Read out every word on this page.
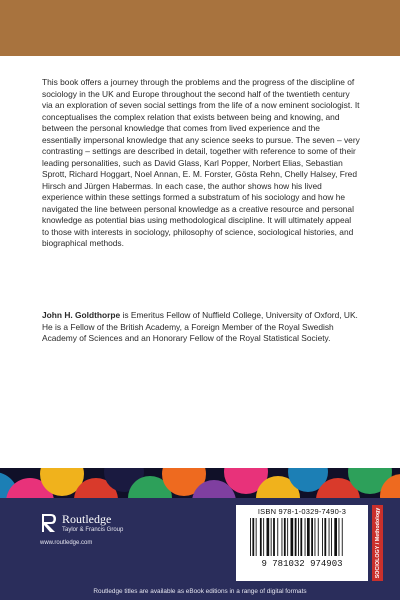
This book offers a journey through the problems and the progress of the discipline of sociology in the UK and Europe throughout the second half of the twentieth century via an exploration of seven social settings from the life of a now eminent sociologist. It conceptualises the complex relation that exists between being and knowing, and between the personal knowledge that comes from lived experience and the essentially impersonal knowledge that any science seeks to pursue. The seven – very contrasting – settings are described in detail, together with reference to some of their leading personalities, such as David Glass, Karl Popper, Norbert Elias, Sebastian Sprott, Richard Hoggart, Noel Annan, E. M. Forster, Gösta Rehn, Chelly Halsey, Fred Hirsch and Jürgen Habermas. In each case, the author shows how his lived experience within these settings formed a substratum of his sociology and how he navigated the line between personal knowledge as a creative resource and personal knowledge as potential bias using methodological discipline. It will ultimately appeal to those with interests in sociology, philosophy of science, sociological histories, and biographical methods.

John H. Goldthorpe is Emeritus Fellow of Nuffield College, University of Oxford, UK. He is a Fellow of the British Academy, a Foreign Member of the Royal Swedish Academy of Sciences and an Honorary Fellow of the Royal Statistical Society.

Routledge
Taylor & Francis Group
www.routledge.com
ISBN 978-1-0329-7490-3
9 781032 974903	SOCIOLOGY / Methodology
Routledge titles are available as eBook editions in a range of digital formats
